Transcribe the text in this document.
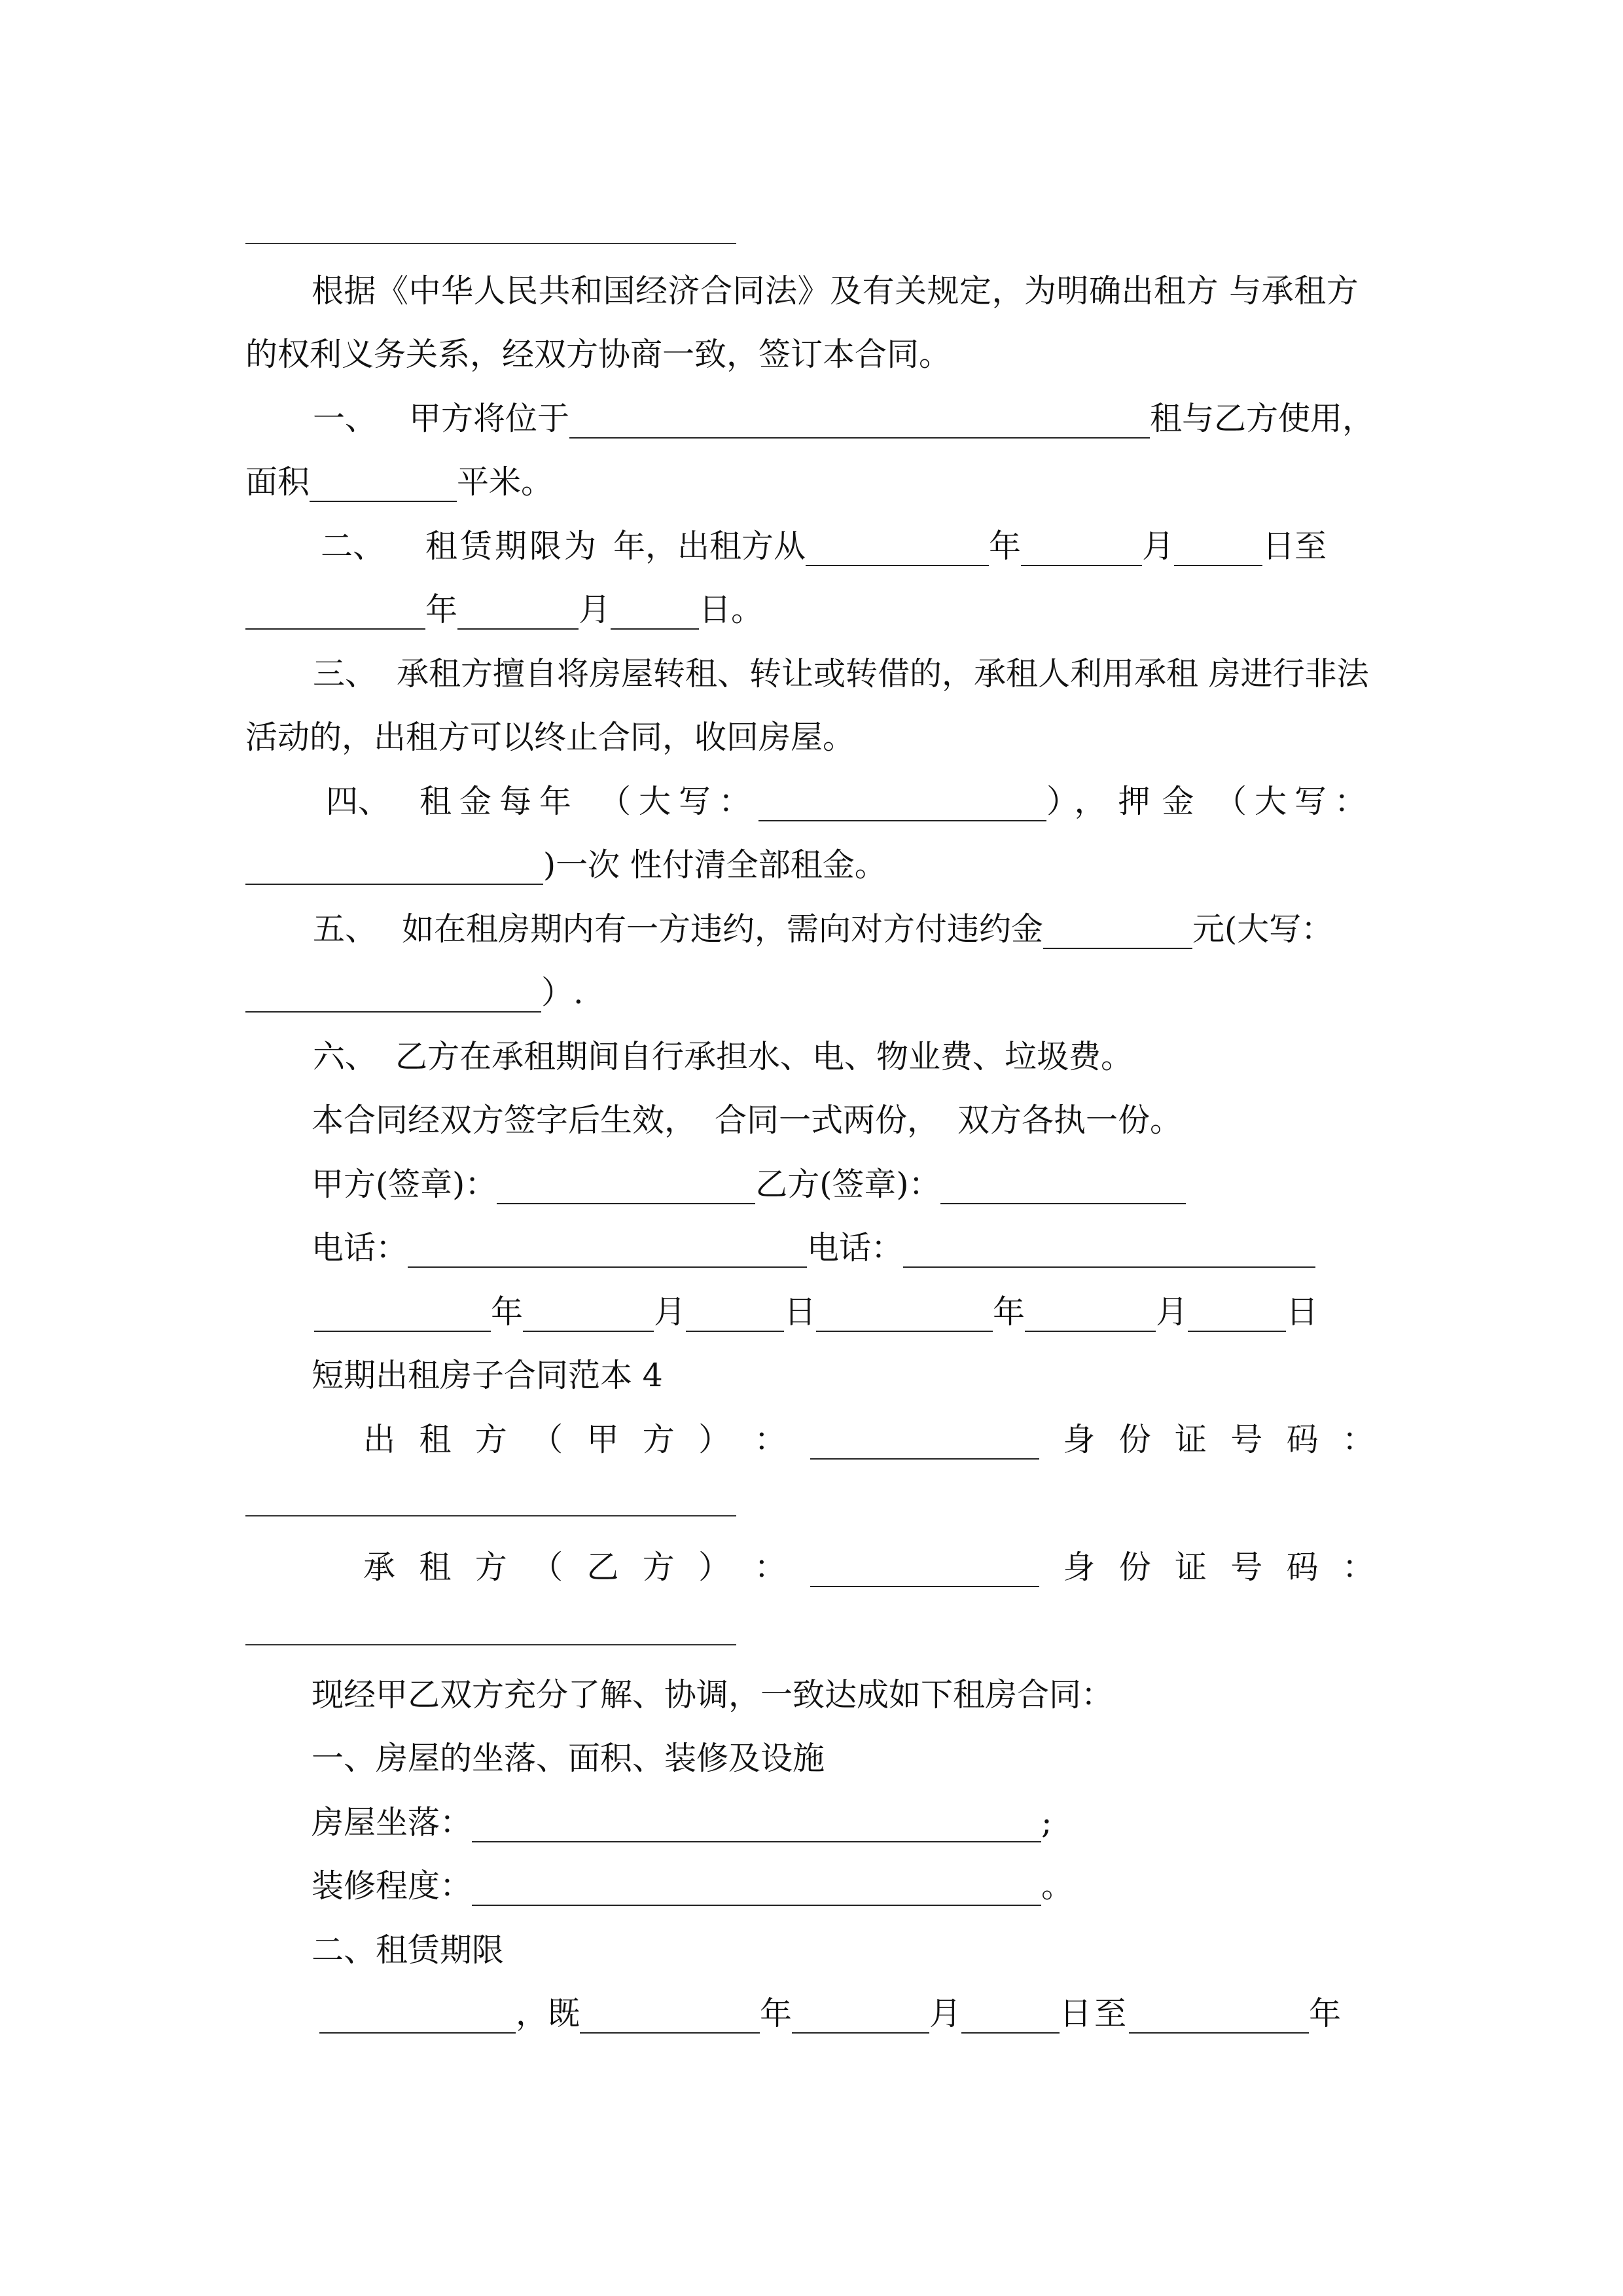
根据《中华人民共和国经济合同法》及有关规定，为明确出租方 与承租方
的权利义务关系，经双方协商一致，签订本合同。
一、 甲方将位于	租与乙方使用，
面积	平米。
二、 租赁期限为 年，出租方从	年	月	日至
年	月	日。
三、 承租方擅自将房屋转租、转让或转借的，承租人利用承租 房进行非法
活动的，出租方可以终止合同，收回房屋。
四、 租金每年 （大写：	），押金 （大写：
)一次 性付清全部租金。
五、 如在租房期内有一方违约，需向对方付违约金	元(大写：
）.
六、 乙方在承租期间自行承担水、电、物业费、垃圾费。
本合同经双方签字后生效， 合同一式两份， 双方各执一份。
甲方(签章)：	乙方(签章)：
电话：	电话：
年	月	日	年	月	日
短期出租房子合同范本 4
出 租 方 （ 甲 方 ） ：	身 份 证 号 码 ：
承 租 方 （ 乙 方 ） ：	身 份 证 号 码 ：
现经甲乙双方充分了解、协调，一致达成如下租房合同：
一、房屋的坐落、面积、装修及设施
房屋坐落：	;
装修程度：	。
二、租赁期限
，既	年	月	日至	年
